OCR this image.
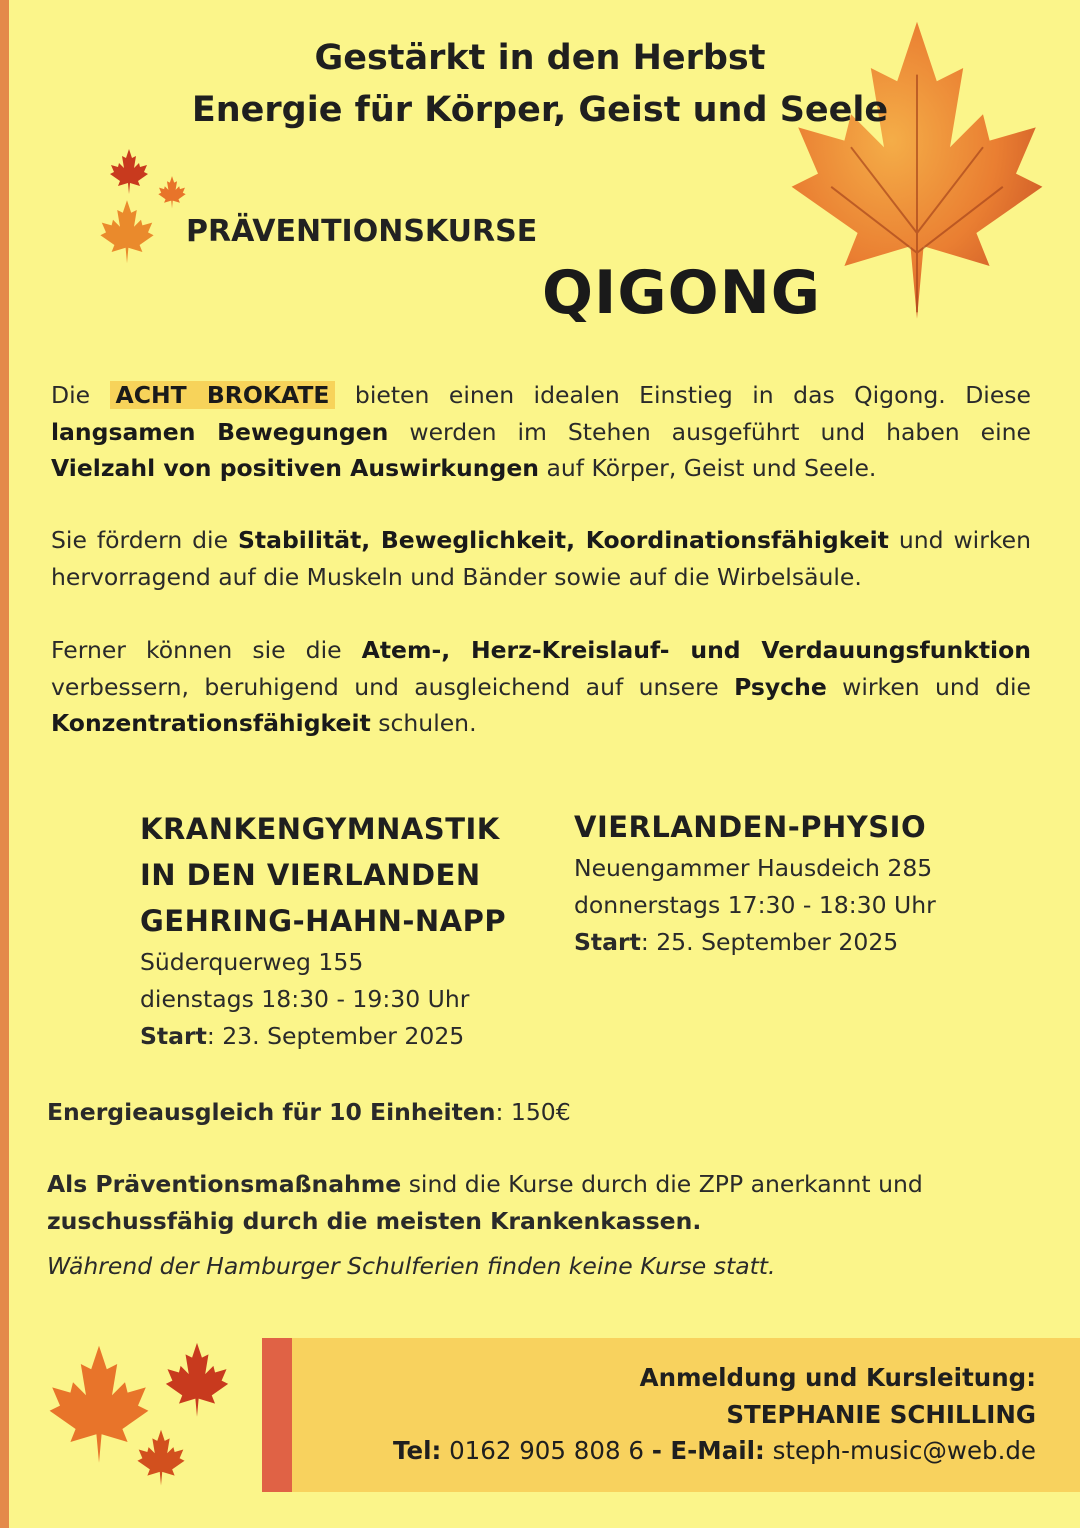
Gestärkt in den Herbst
Energie für Körper, Geist und Seele
PRÄVENTIONSKURSE
QIGONG
Die ACHT BROKATE bieten einen idealen Einstieg in das Qigong. Diese langsamen Bewegungen werden im Stehen ausgeführt und haben eine Vielzahl von positiven Auswirkungen auf Körper, Geist und Seele.
Sie fördern die Stabilität, Beweglichkeit, Koordinationsfähigkeit und wirken hervorragend auf die Muskeln und Bänder sowie auf die Wirbelsäule.
Ferner können sie die Atem-, Herz-Kreislauf- und Verdauungsfunktion verbessern, beruhigend und ausgleichend auf unsere Psyche wirken und die Konzentrationsfähigkeit schulen.
KRANKENGYMNASTIK
IN DEN VIERLANDEN
GEHRING-HAHN-NAPP
Süderquerweg 155
dienstags 18:30 - 19:30 Uhr
Start: 23. September 2025
VIERLANDEN-PHYSIO
Neuengammer Hausdeich 285
donnerstags 17:30 - 18:30 Uhr
Start: 25. September 2025
Energieausgleich für 10 Einheiten: 150€
Als Präventionsmaßnahme sind die Kurse durch die ZPP anerkannt und
zuschussfähig durch die meisten Krankenkassen.
Während der Hamburger Schulferien finden keine Kurse statt.
Anmeldung und Kursleitung:
STEPHANIE SCHILLING
Tel: 0162 905 808 6 - E-Mail: steph-music@web.de
